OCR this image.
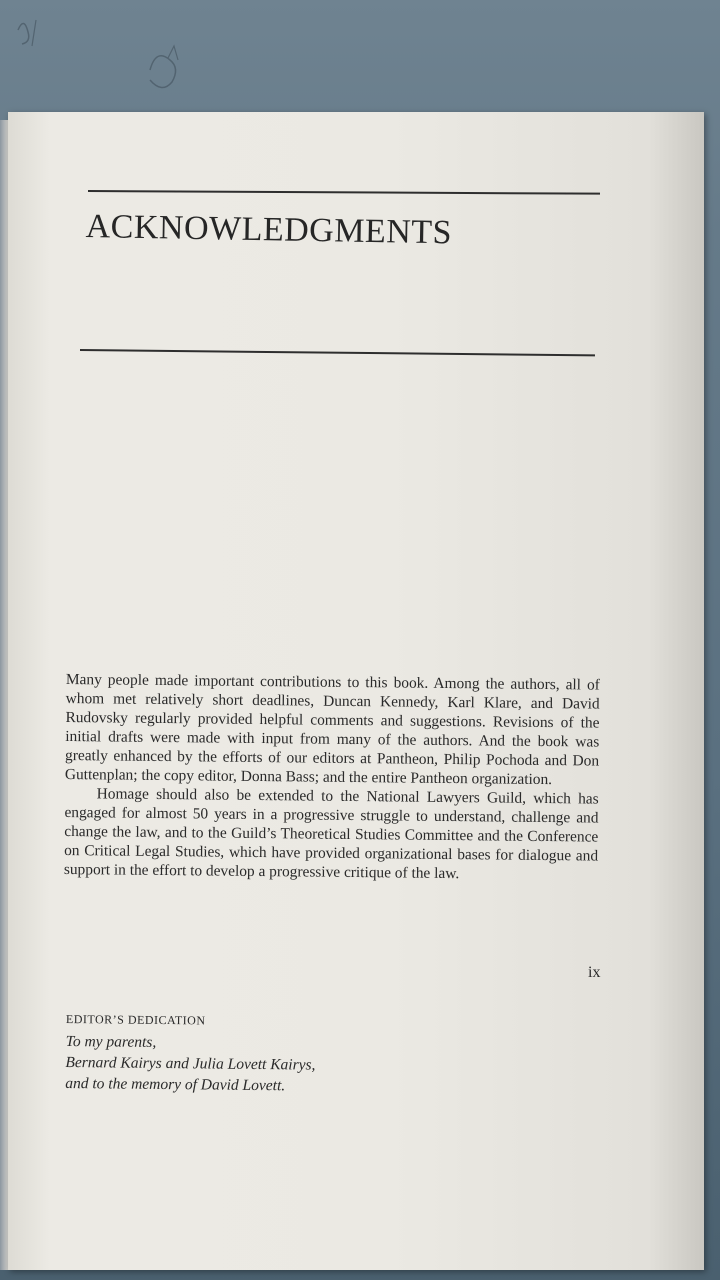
ACKNOWLEDGMENTS

Many people made important contributions to this book. Among the authors, all of whom met relatively short deadlines, Duncan Kennedy, Karl Klare, and David Rudovsky regularly provided helpful comments and suggestions. Revisions of the initial drafts were made with input from many of the authors. And the book was greatly enhanced by the efforts of our editors at Pantheon, Philip Pochoda and Don Guttenplan; the copy editor, Donna Bass; and the entire Pantheon organization.

Homage should also be extended to the National Lawyers Guild, which has engaged for almost 50 years in a progressive struggle to understand, challenge and change the law, and to the Guild’s Theoretical Studies Committee and the Conference on Critical Legal Studies, which have provided organizational bases for dialogue and support in the effort to develop a progressive critique of the law.

EDITOR’S DEDICATION
To my parents,
Bernard Kairys and Julia Lovett Kairys,
and to the memory of David Lovett.
ix
